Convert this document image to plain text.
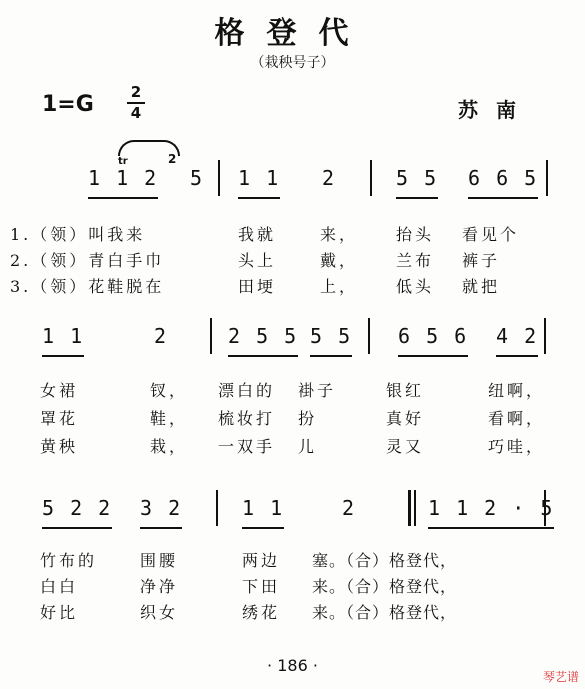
格登代
（栽秧号子）
1=G 2
4	苏南
tr	2
1 1 2 5 1 1 2	5 5 6 6 5
1.（领）叫我来	我就	来， 抬头 看见个
2.（领）青白手巾	头上	戴， 兰布 裤子
3.（领）花鞋脱在	田埂	上， 低头 就把
1 1	2	2 5 5 5 5 6 5 6 4 2
女裙	钗， 漂白的 褂子	银红	纽啊，
罩花	鞋， 梳妆打 扮	真好	看啊，
黄秧	栽， 一双手 儿	灵又	巧哇，
5 2 2 3 2	1 1	2	1 1 2 · 5
竹布的	围腰	两边 塞。（合）格登代，
白白	净净	下田 来。（合）格登代，
好比	织女	绣花 来。（合）格登代，
· 186 ·
琴艺谱
